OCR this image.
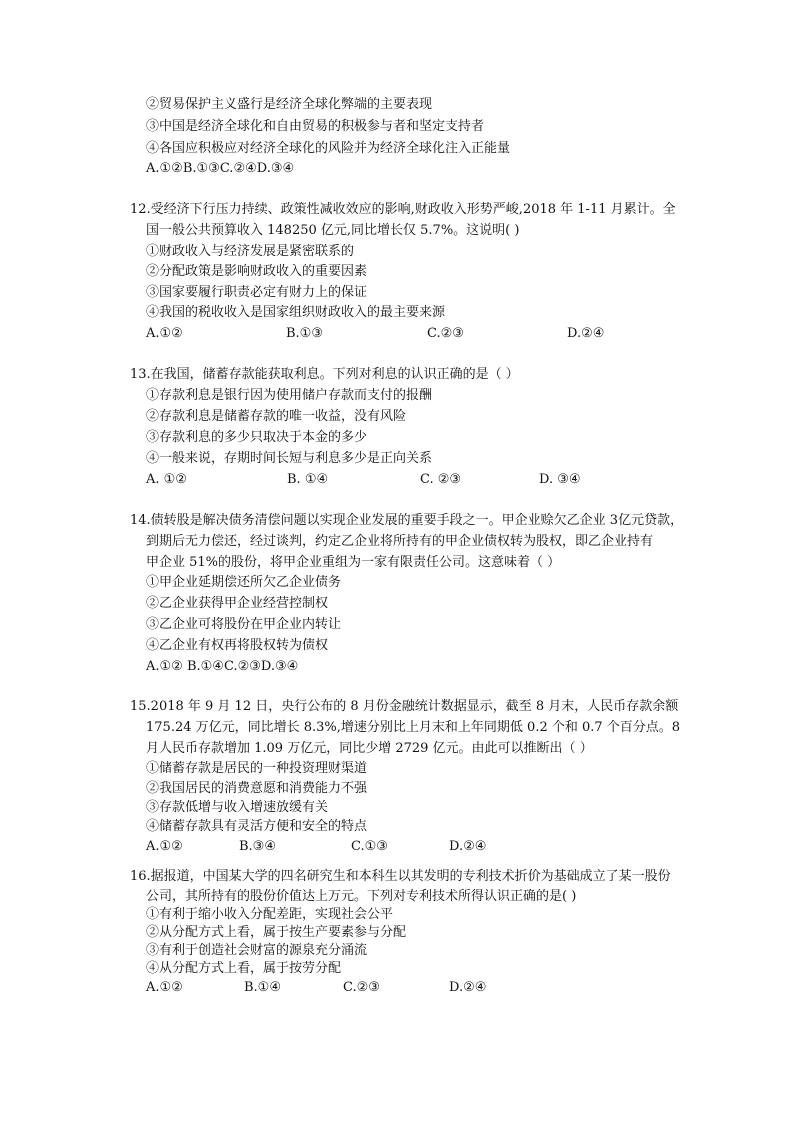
②贸易保护主义盛行是经济全球化弊端的主要表现
③中国是经济全球化和自由贸易的积极参与者和坚定支持者
④各国应积极应对经济全球化的风险并为经济全球化注入正能量
A.①②B.①③C.②④D.③④
12.受经济下行压力持续、政策性减收效应的影响,财政收入形势严峻,2018 年 1-11 月累计。全
国一般公共预算收入 148250 亿元,同比增长仅 5.7%。这说明( )
①财政收入与经济发展是紧密联系的
②分配政策是影响财政收入的重要因素
③国家要履行职责必定有财力上的保证
④我国的税收收入是国家组织财政收入的最主要来源
A.①②	B.①③	C.②③	D.②④
13.在我国，储蓄存款能获取利息。下列对利息的认识正确的是（ ）
①存款利息是银行因为使用储户存款而支付的报酬
②存款利息是储蓄存款的唯一收益，没有风险
③存款利息的多少只取决于本金的多少
④一般来说，存期时间长短与利息多少是正向关系
A. ①②	B. ①④	C. ②③	D. ③④
14.债转股是解决债务清偿问题以实现企业发展的重要手段之一。甲企业赊欠乙企业 3亿元贷款，
到期后无力偿还，经过谈判，约定乙企业将所持有的甲企业债权转为股权，即乙企业持有
甲企业 51%的股份，将甲企业重组为一家有限责任公司。这意味着（ ）
①甲企业延期偿还所欠乙企业债务
②乙企业获得甲企业经营控制权
③乙企业可将股份在甲企业内转让
④乙企业有权再将股权转为债权
A.①② B.①④C.②③D.③④
15.2018 年 9 月 12 日，央行公布的 8 月份金融统计数据显示，截至 8 月末，人民币存款余额
175.24 万亿元，同比增长 8.3%,增速分别比上月末和上年同期低 0.2 个和 0.7 个百分点。8
月人民币存款增加 1.09 万亿元，同比少增 2729 亿元。由此可以推断出（ ）
①储蓄存款是居民的一种投资理财渠道
②我国居民的消费意愿和消费能力不强
③存款低增与收入增速放缓有关
④储蓄存款具有灵活方便和安全的特点
A.①②	B.③④	C.①③	D.②④
16.据报道，中国某大学的四名研究生和本科生以其发明的专利技术折价为基础成立了某一股份
公司，其所持有的股份价值达上万元。下列对专利技术所得认识正确的是( )
①有利于缩小收入分配差距，实现社会公平
②从分配方式上看，属于按生产要素参与分配
③有利于创造社会财富的源泉充分涌流
④从分配方式上看，属于按劳分配
A.①②	B.①④	C.②③	D.②④
